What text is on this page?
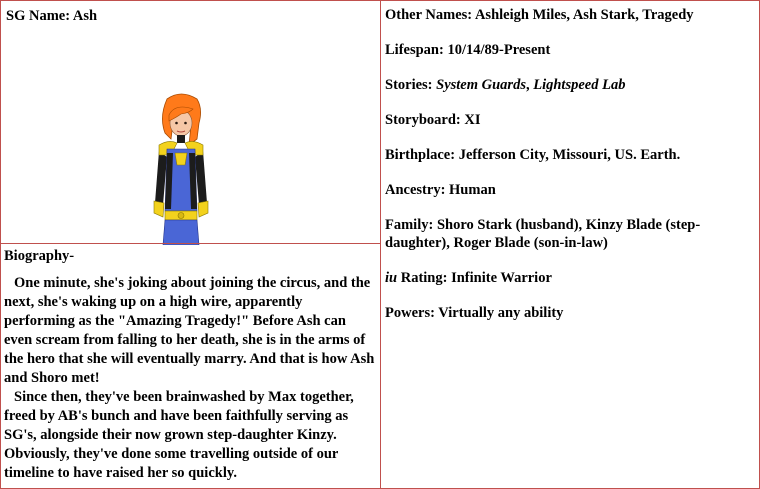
SG Name: Ash
Biography-

One minute, she's joking about joining the circus, and the next, she's waking up on a high wire, apparently performing as the "Amazing Tragedy!" Before Ash can even scream from falling to her death, she is in the arms of the hero that she will eventually marry. And that is how Ash and Shoro met!

Since then, they've been brainwashed by Max together, freed by AB's bunch and have been faithfully serving as SG's, alongside their now grown step-daughter Kinzy. Obviously, they've done some travelling outside of our timeline to have raised her so quickly.

Other Names: Ashleigh Miles, Ash Stark, Tragedy
Lifespan: 10/14/89-Present
Stories: System Guards, Lightspeed Lab
Storyboard: XI
Birthplace: Jefferson City, Missouri, US. Earth.
Ancestry: Human
Family: Shoro Stark (husband), Kinzy Blade (step-daughter), Roger Blade (son-in-law)
iu Rating: Infinite Warrior
Powers: Virtually any ability
